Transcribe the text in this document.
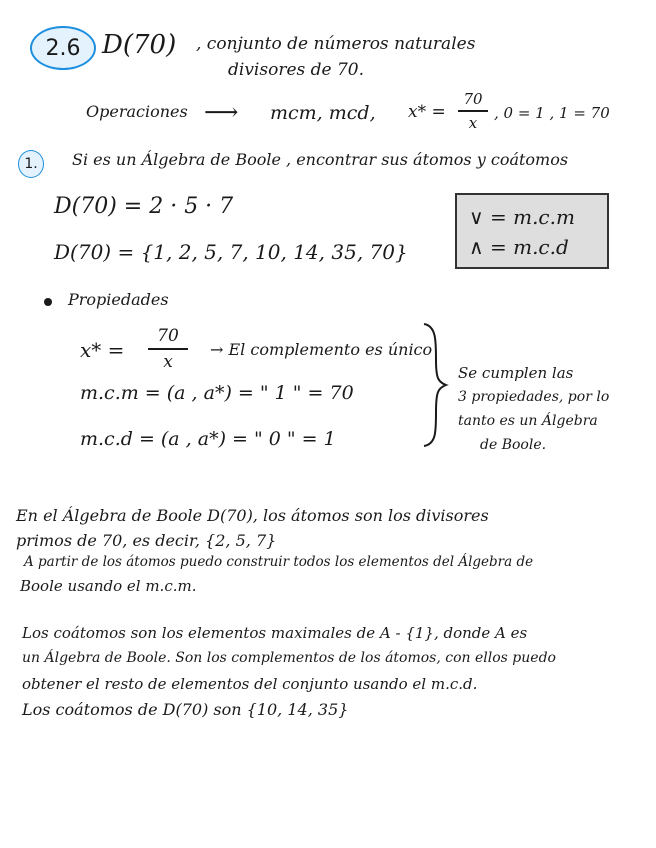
2.6 D(70) , conjunto de números naturales
divisores de 70.
Operaciones ⟶ mcm, mcd, x* =
70
x
, 0 = 1 , 1 = 70
1.	Si es un Álgebra de Boole , encontrar sus átomos y coátomos
D(70) = 2 · 5 · 7
D(70) = {1, 2, 5, 7, 10, 14, 35, 70}
∨ = m.c.m
∧ = m.c.d
Propiedades
x* =
70
x
→ El complemento es único
m.c.m = (a , a*) = " 1 " = 70
m.c.d = (a , a*) = " 0 " = 1
Se cumplen las
3 propiedades, por lo
tanto es un Álgebra
de Boole.
En el Álgebra de Boole D(70), los átomos son los divisores
primos de 70, es decir, {2, 5, 7}
A partir de los átomos puedo construir todos los elementos del Álgebra de
Boole usando el m.c.m.
Los coátomos son los elementos maximales de A - {1}, donde A es
un Álgebra de Boole. Son los complementos de los átomos, con ellos puedo
obtener el resto de elementos del conjunto usando el m.c.d.
Los coátomos de D(70) son {10, 14, 35}
